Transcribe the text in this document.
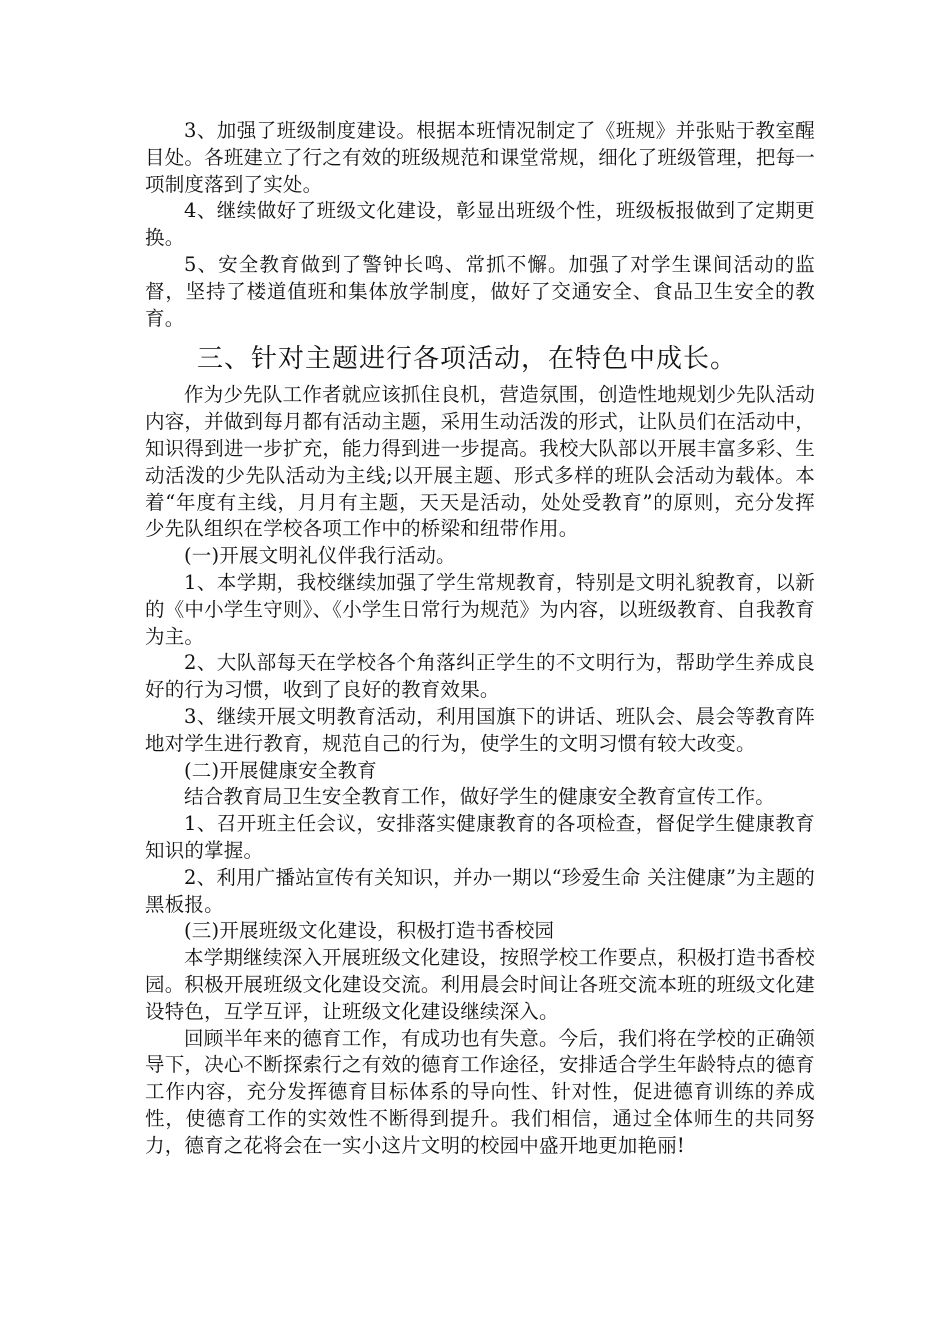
3、加强了班级制度建设。根据本班情况制定了《班规》并张贴于教室醒目处。各班建立了行之有效的班级规范和课堂常规，细化了班级管理，把每一项制度落到了实处。

4、继续做好了班级文化建设，彰显出班级个性，班级板报做到了定期更换。

5、安全教育做到了警钟长鸣、常抓不懈。加强了对学生课间活动的监督，坚持了楼道值班和集体放学制度，做好了交通安全、食品卫生安全的教育。

三、针对主题进行各项活动，在特色中成长。

作为少先队工作者就应该抓住良机，营造氛围，创造性地规划少先队活动内容，并做到每月都有活动主题，采用生动活泼的形式，让队员们在活动中，知识得到进一步扩充，能力得到进一步提高。我校大队部以开展丰富多彩、生动活泼的少先队活动为主线;以开展主题、形式多样的班队会活动为载体。本着“年度有主线，月月有主题，天天是活动，处处受教育”的原则，充分发挥少先队组织在学校各项工作中的桥梁和纽带作用。

(一)开展文明礼仪伴我行活动。

1、本学期，我校继续加强了学生常规教育，特别是文明礼貌教育，以新的《中小学生守则》、《小学生日常行为规范》为内容，以班级教育、自我教育为主。

2、大队部每天在学校各个角落纠正学生的不文明行为，帮助学生养成良好的行为习惯，收到了良好的教育效果。

3、继续开展文明教育活动，利用国旗下的讲话、班队会、晨会等教育阵地对学生进行教育，规范自己的行为，使学生的文明习惯有较大改变。

(二)开展健康安全教育

结合教育局卫生安全教育工作，做好学生的健康安全教育宣传工作。

1、召开班主任会议，安排落实健康教育的各项检查，督促学生健康教育知识的掌握。

2、利用广播站宣传有关知识，并办一期以“珍爱生命 关注健康”为主题的黑板报。

(三)开展班级文化建设，积极打造书香校园

本学期继续深入开展班级文化建设，按照学校工作要点，积极打造书香校园。积极开展班级文化建设交流。利用晨会时间让各班交流本班的班级文化建设特色，互学互评，让班级文化建设继续深入。

回顾半年来的德育工作，有成功也有失意。今后，我们将在学校的正确领导下，决心不断探索行之有效的德育工作途径，安排适合学生年龄特点的德育工作内容，充分发挥德育目标体系的导向性、针对性，促进德育训练的养成性，使德育工作的实效性不断得到提升。我们相信，通过全体师生的共同努力，德育之花将会在一实小这片文明的校园中盛开地更加艳丽!
